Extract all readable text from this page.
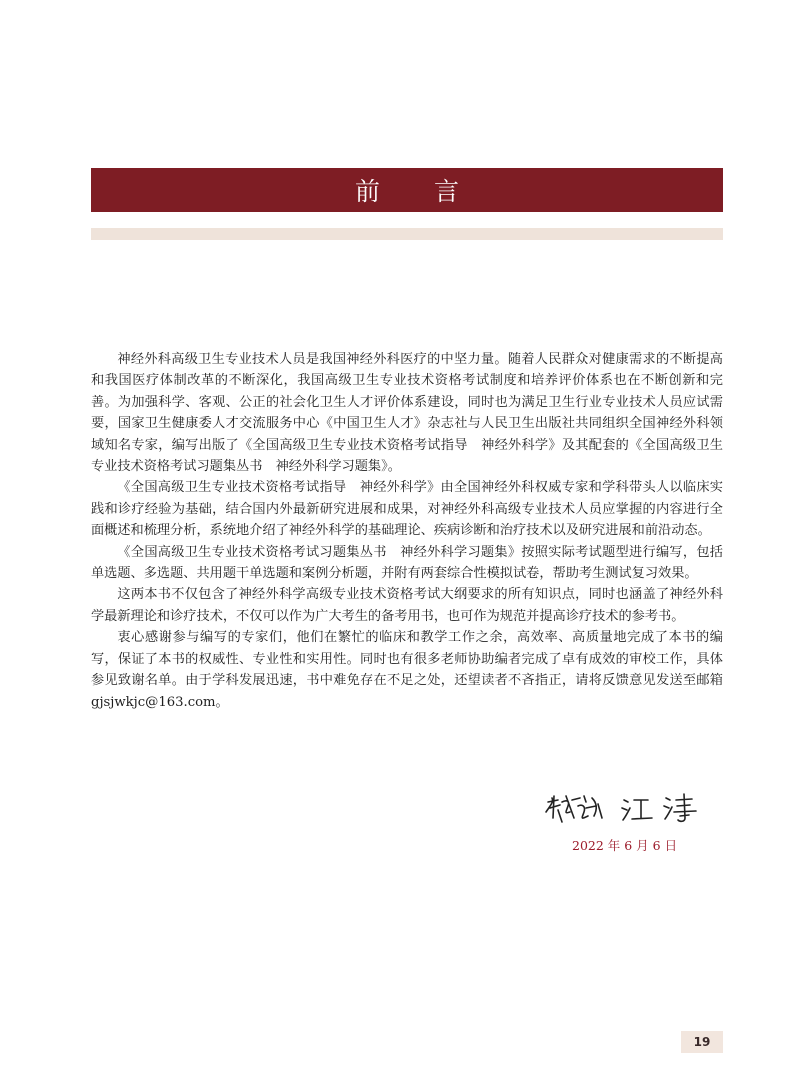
前言

神经外科高级卫生专业技术人员是我国神经外科医疗的中坚力量。随着人民群众对健康需求的不断提高和我国医疗体制改革的不断深化，我国高级卫生专业技术资格考试制度和培养评价体系也在不断创新和完善。为加强科学、客观、公正的社会化卫生人才评价体系建设，同时也为满足卫生行业专业技术人员应试需要，国家卫生健康委人才交流服务中心《中国卫生人才》杂志社与人民卫生出版社共同组织全国神经外科领域知名专家，编写出版了《全国高级卫生专业技术资格考试指导　神经外科学》及其配套的《全国高级卫生专业技术资格考试习题集丛书　神经外科学习题集》。

《全国高级卫生专业技术资格考试指导　神经外科学》由全国神经外科权威专家和学科带头人以临床实践和诊疗经验为基础，结合国内外最新研究进展和成果，对神经外科高级专业技术人员应掌握的内容进行全面概述和梳理分析，系统地介绍了神经外科学的基础理论、疾病诊断和治疗技术以及研究进展和前沿动态。

《全国高级卫生专业技术资格考试习题集丛书　神经外科学习题集》按照实际考试题型进行编写，包括单选题、多选题、共用题干单选题和案例分析题，并附有两套综合性模拟试卷，帮助考生测试复习效果。

这两本书不仅包含了神经外科学高级专业技术资格考试大纲要求的所有知识点，同时也涵盖了神经外科学最新理论和诊疗技术，不仅可以作为广大考生的备考用书，也可作为规范并提高诊疗技术的参考书。

衷心感谢参与编写的专家们，他们在繁忙的临床和教学工作之余，高效率、高质量地完成了本书的编写，保证了本书的权威性、专业性和实用性。同时也有很多老师协助编者完成了卓有成效的审校工作，具体参见致谢名单。由于学科发展迅速，书中难免存在不足之处，还望读者不吝指正，请将反馈意见发送至邮箱 gjsjwkjc@163.com。

2022 年 6 月 6 日
19
